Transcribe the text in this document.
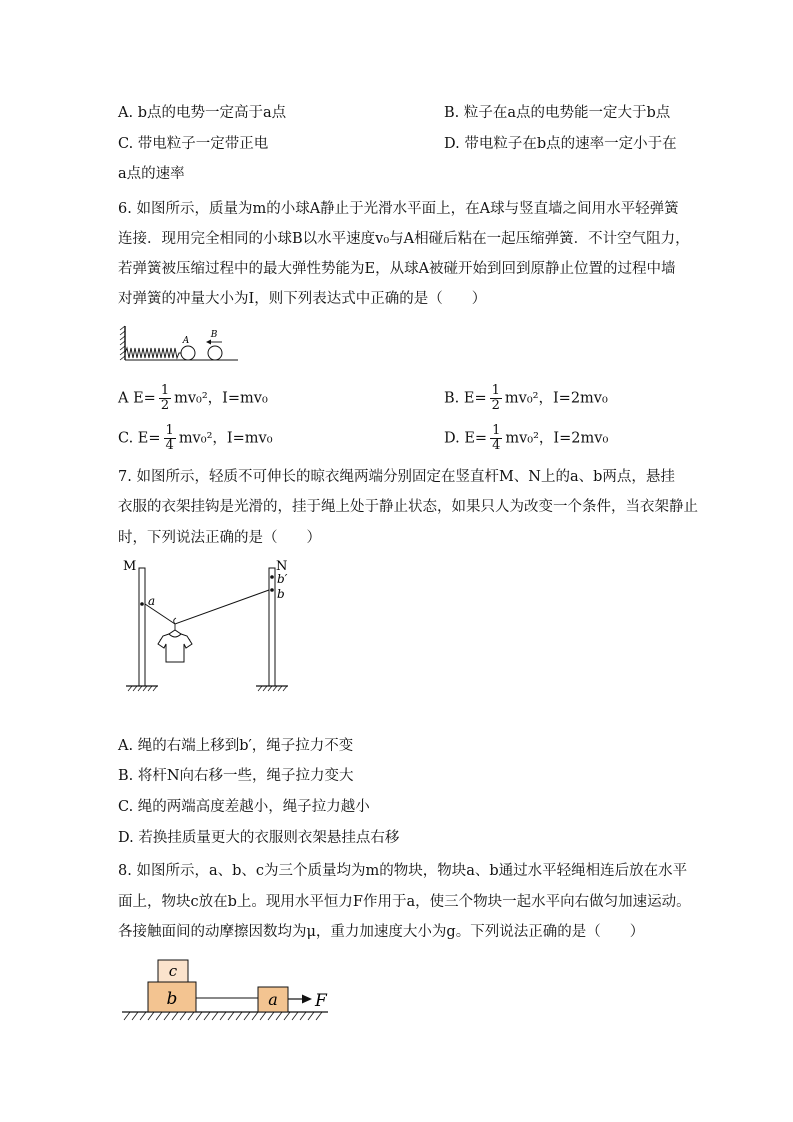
A. b点的电势一定高于a点	B. 粒子在a点的电势能一定大于b点
C. 带电粒子一定带正电	D. 带电粒子在b点的速率一定小于在
a点的速率
6. 如图所示，质量为m的小球A静止于光滑水平面上，在A球与竖直墙之间用水平轻弹簧
连接．现用完全相同的小球B以水平速度v₀与A相碰后粘在一起压缩弹簧．不计空气阻力，
若弹簧被压缩过程中的最大弹性势能为E，从球A被碰开始到回到原静止位置的过程中墙
对弹簧的冲量大小为I，则下列表达式中正确的是（　　）
A
B
A $E= \frac{1}{2} mv_0^2$，I=mv₀	B. $E= \frac{1}{2} mv_0^2$，I=2mv₀
C. $E= \frac{1}{4} mv_0^2$，I=mv₀	D. $E= \frac{1}{4} mv_0^2$，I=2mv₀
7. 如图所示，轻质不可伸长的晾衣绳两端分别固定在竖直杆M、N上的a、b两点，悬挂
衣服的衣架挂钩是光滑的，挂于绳上处于静止状态，如果只人为改变一个条件，当衣架静止
时，下列说法正确的是（　　）
M	N
a	b
b′
A. 绳的右端上移到b′，绳子拉力不变
B. 将杆N向右移一些，绳子拉力变大
C. 绳的两端高度差越小，绳子拉力越小
D. 若换挂质量更大的衣服则衣架悬挂点右移
8. 如图所示，a、b、c为三个质量均为m的物块，物块a、b通过水平轻绳相连后放在水平
面上，物块c放在b上。现用水平恒力F作用于a，使三个物块一起水平向右做匀加速运动。
各接触面间的动摩擦因数均为μ，重力加速度大小为g。下列说法正确的是（　　）
c
b	a F
